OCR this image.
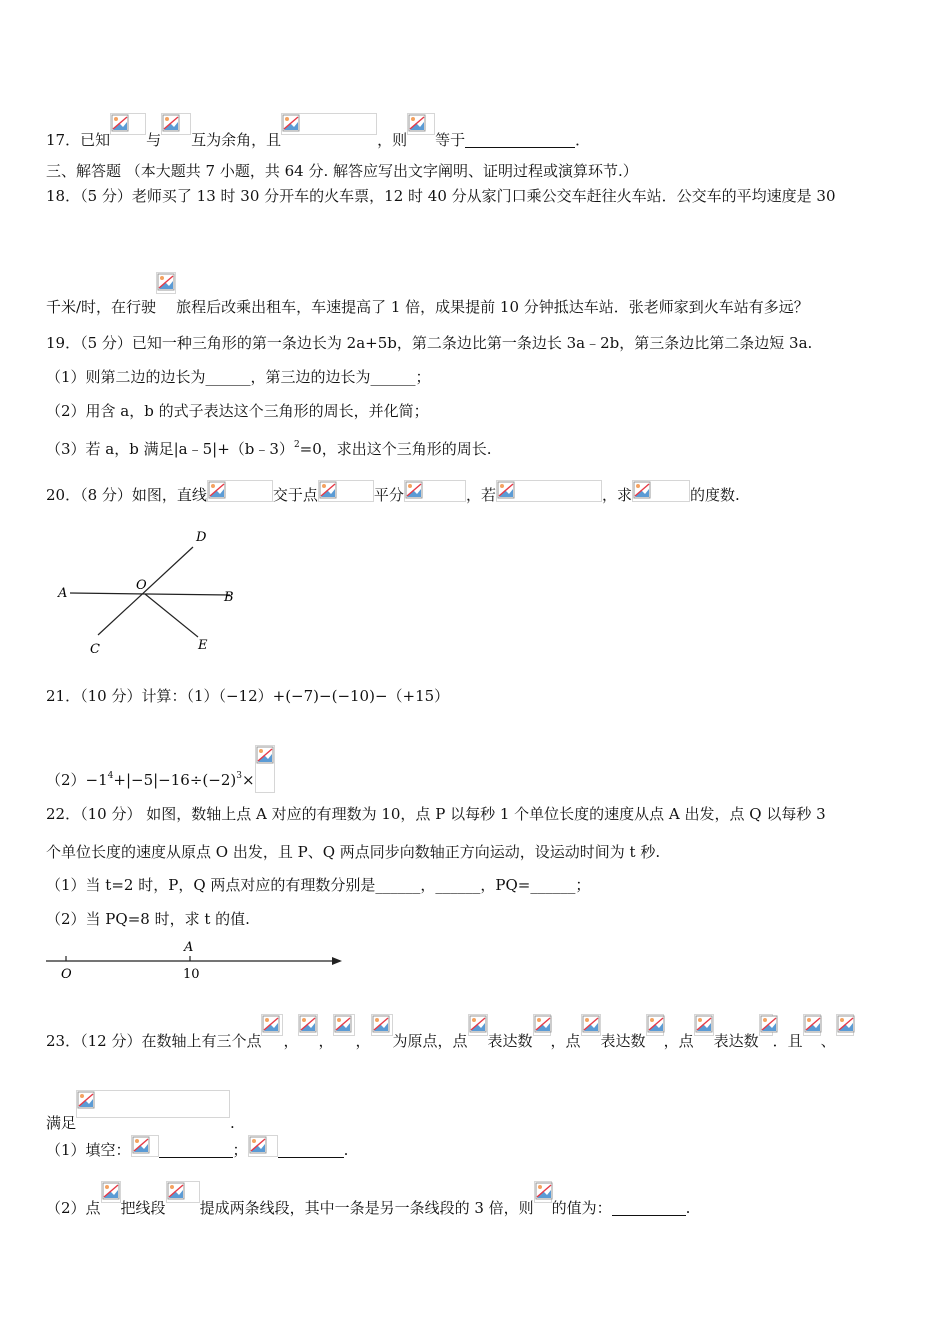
17．已知 与 互为余角，且	，则 等于	．
三、解答题 （本大题共 7 小题，共 64 分. 解答应写出文字阐明、证明过程或演算环节.）
18．（5 分）老师买了 13 时 30 分开车的火车票，12 时 40 分从家门口乘公交车赶往火车站．公交车的平均速度是 30
千米/时，在行驶 旅程后改乘出租车，车速提高了 1 倍，成果提前 10 分钟抵达车站．张老师家到火车站有多远？
19．（5 分）已知一种三角形的第一条边长为 2a+5b，第二条边比第一条边长 3a﹣2b，第三条边比第二条边短 3a.
（1）则第二边的边长为______，第三边的边长为______；
（2）用含 a，b 的式子表达这个三角形的周长，并化简；
（3）若 a，b 满足|a﹣5|+（b﹣3）$^2$=0，求出这个三角形的周长.
20．（8 分）如图，直线	交于点	平分	，若	，求	的度数.
A	B
C
D
E
O
21．（10 分）计算：（1）（−12）+(−7)−(−10)−（+15）
$(2)-1^4+|-5|-16\div(-2)^3\times$
22．（10 分） 如图，数轴上点 A 对应的有理数为 10，点 P 以每秒 1 个单位长度的速度从点 A 出发，点 Q 以每秒 3
个单位长度的速度从原点 O 出发，且 P、Q 两点同步向数轴正方向运动，设运动时间为 t 秒.
（1）当 t=2 时，P，Q 两点对应的有理数分别是______，______，PQ=______；
（2）当 PQ=8 时，求 t 的值.
O
A
10
23．（12 分）在数轴上有三个点 ， ， ， 为原点，点 表达数 ，点 表达数 ，点 表达数 ．且 、
满足	.
（1）填空：	；	.
（2）点 把线段 提成两条线段，其中一条是另一条线段的 3 倍，则 的值为：	.
